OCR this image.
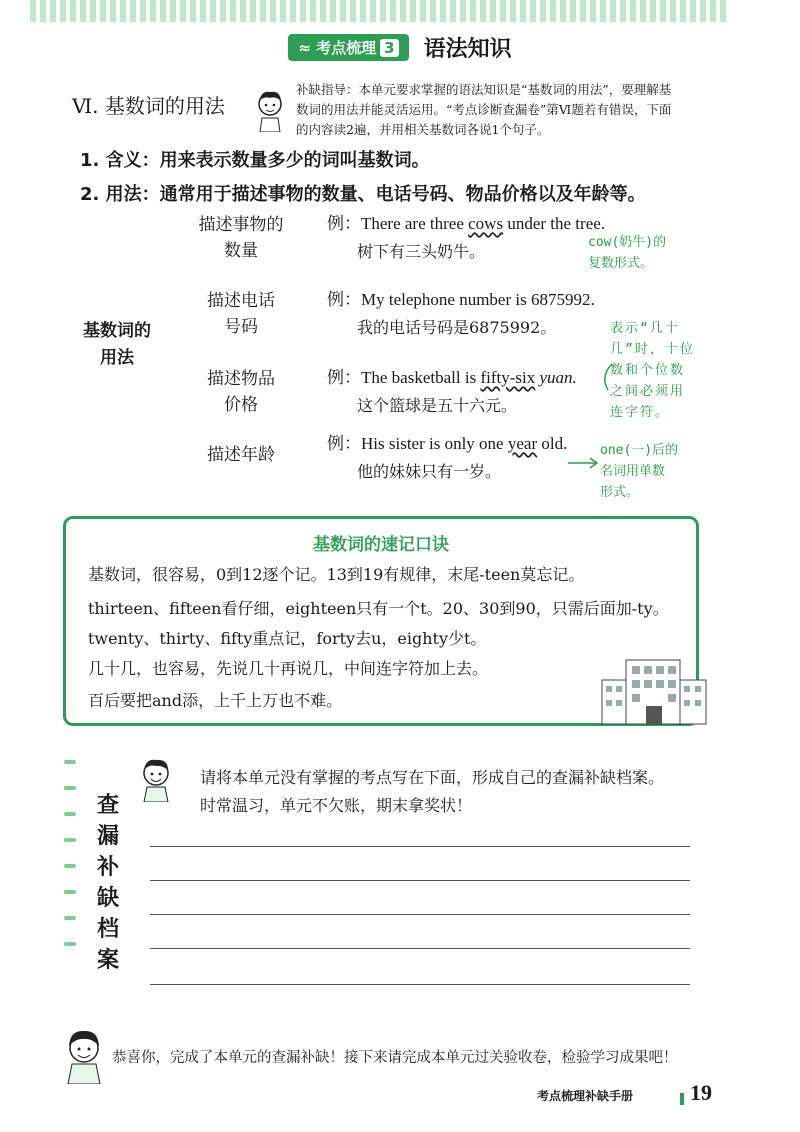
≈ 考点梳理 3 语法知识
Ⅵ. 基数词的用法
补缺指导：本单元要求掌握的语法知识是“基数词的用法”，要理解基
数词的用法并能灵活运用。“考点诊断查漏卷”第Ⅵ题若有错误，下面
的内容读2遍，并用相关基数词各说1个句子。
1. 含义：用来表示数量多少的词叫基数词。
2. 用法：通常用于描述事物的数量、电话号码、物品价格以及年龄等。
基数词的
用法
描述事物的
数量
例：There are three cows under the tree.
树下有三头奶牛。
描述电话
号码
例：My telephone number is 6875992.
我的电话号码是6875992。
描述物品
价格
例：The basketball is fifty-six yuan.
这个篮球是五十六元。
描述年龄
例：His sister is only one year old.
他的妹妹只有一岁。
cow(奶牛)的
复数形式。
表示“几十
几”时，十位
数和个位数
之间必须用
连字符。
one(一)后的
名词用单数
形式。
基数词的速记口诀
基数词，很容易，0到12逐个记。13到19有规律，末尾-teen莫忘记。
thirteen、fifteen看仔细，eighteen只有一个t。20、30到90，只需后面加-ty。
twenty、thirty、fifty重点记，forty去u，eighty少t。
几十几，也容易，先说几十再说几，中间连字符加上去。
百后要把and添，上千上万也不难。
查漏补缺档案
请将本单元没有掌握的考点写在下面，形成自己的查漏补缺档案。
时常温习，单元不欠账，期末拿奖状！
恭喜你，完成了本单元的查漏补缺！接下来请完成本单元过关验收卷，检验学习成果吧！
考点梳理补缺手册	19
